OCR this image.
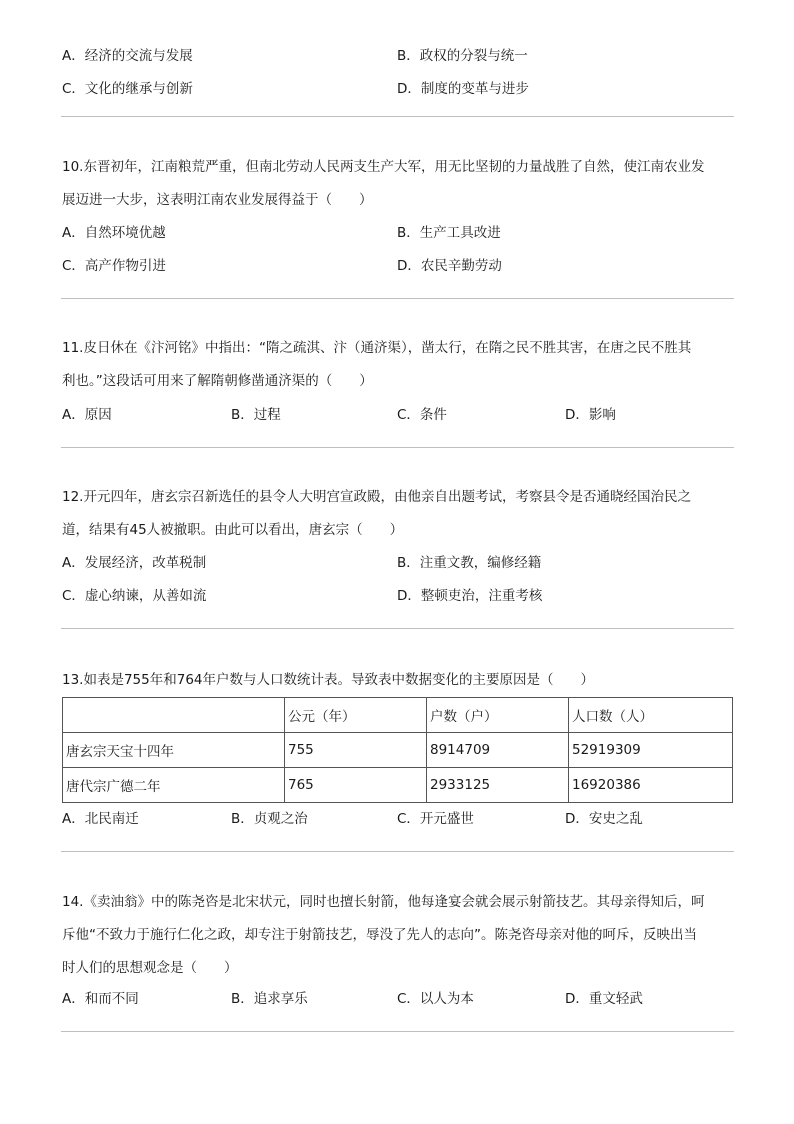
A．经济的交流与发展	B．政权的分裂与统一
C．文化的继承与创新	D．制度的变革与进步
10.东晋初年，江南粮荒严重，但南北劳动人民两支生产大军，用无比坚韧的力量战胜了自然，使江南农业发
展迈进一大步，这表明江南农业发展得益于（　　）
A．自然环境优越	B．生产工具改进
C．高产作物引进	D．农民辛勤劳动
11.皮日休在《汴河铭》中指出：“隋之疏淇、汴（通济渠），凿太行，在隋之民不胜其害，在唐之民不胜其
利也。”这段话可用来了解隋朝修凿通济渠的（　　）
A．原因	B．过程	C．条件	D．影响
12.开元四年，唐玄宗召新选任的县令人大明宫宣政殿，由他亲自出题考试，考察县令是否通晓经国治民之
道，结果有45人被撤职。由此可以看出，唐玄宗（　　）
A．发展经济，改革税制	B．注重文教，编修经籍
C．虚心纳谏，从善如流	D．整顿吏治，注重考核
13.如表是755年和764年户数与人口数统计表。导致表中数据变化的主要原因是（　　）
	公元（年）	户数（户）	人口数（人）
唐玄宗天宝十四年	755	8914709	52919309
唐代宗广德二年	765	2933125	16920386
A．北民南迁	B．贞观之治	C．开元盛世	D．安史之乱
14.《卖油翁》中的陈尧咨是北宋状元，同时也擅长射箭，他每逢宴会就会展示射箭技艺。其母亲得知后，呵
斥他“不致力于施行仁化之政，却专注于射箭技艺，辱没了先人的志向”。陈尧咨母亲对他的呵斥，反映出当
时人们的思想观念是（　　）
A．和而不同	B．追求享乐	C．以人为本	D．重文轻武
